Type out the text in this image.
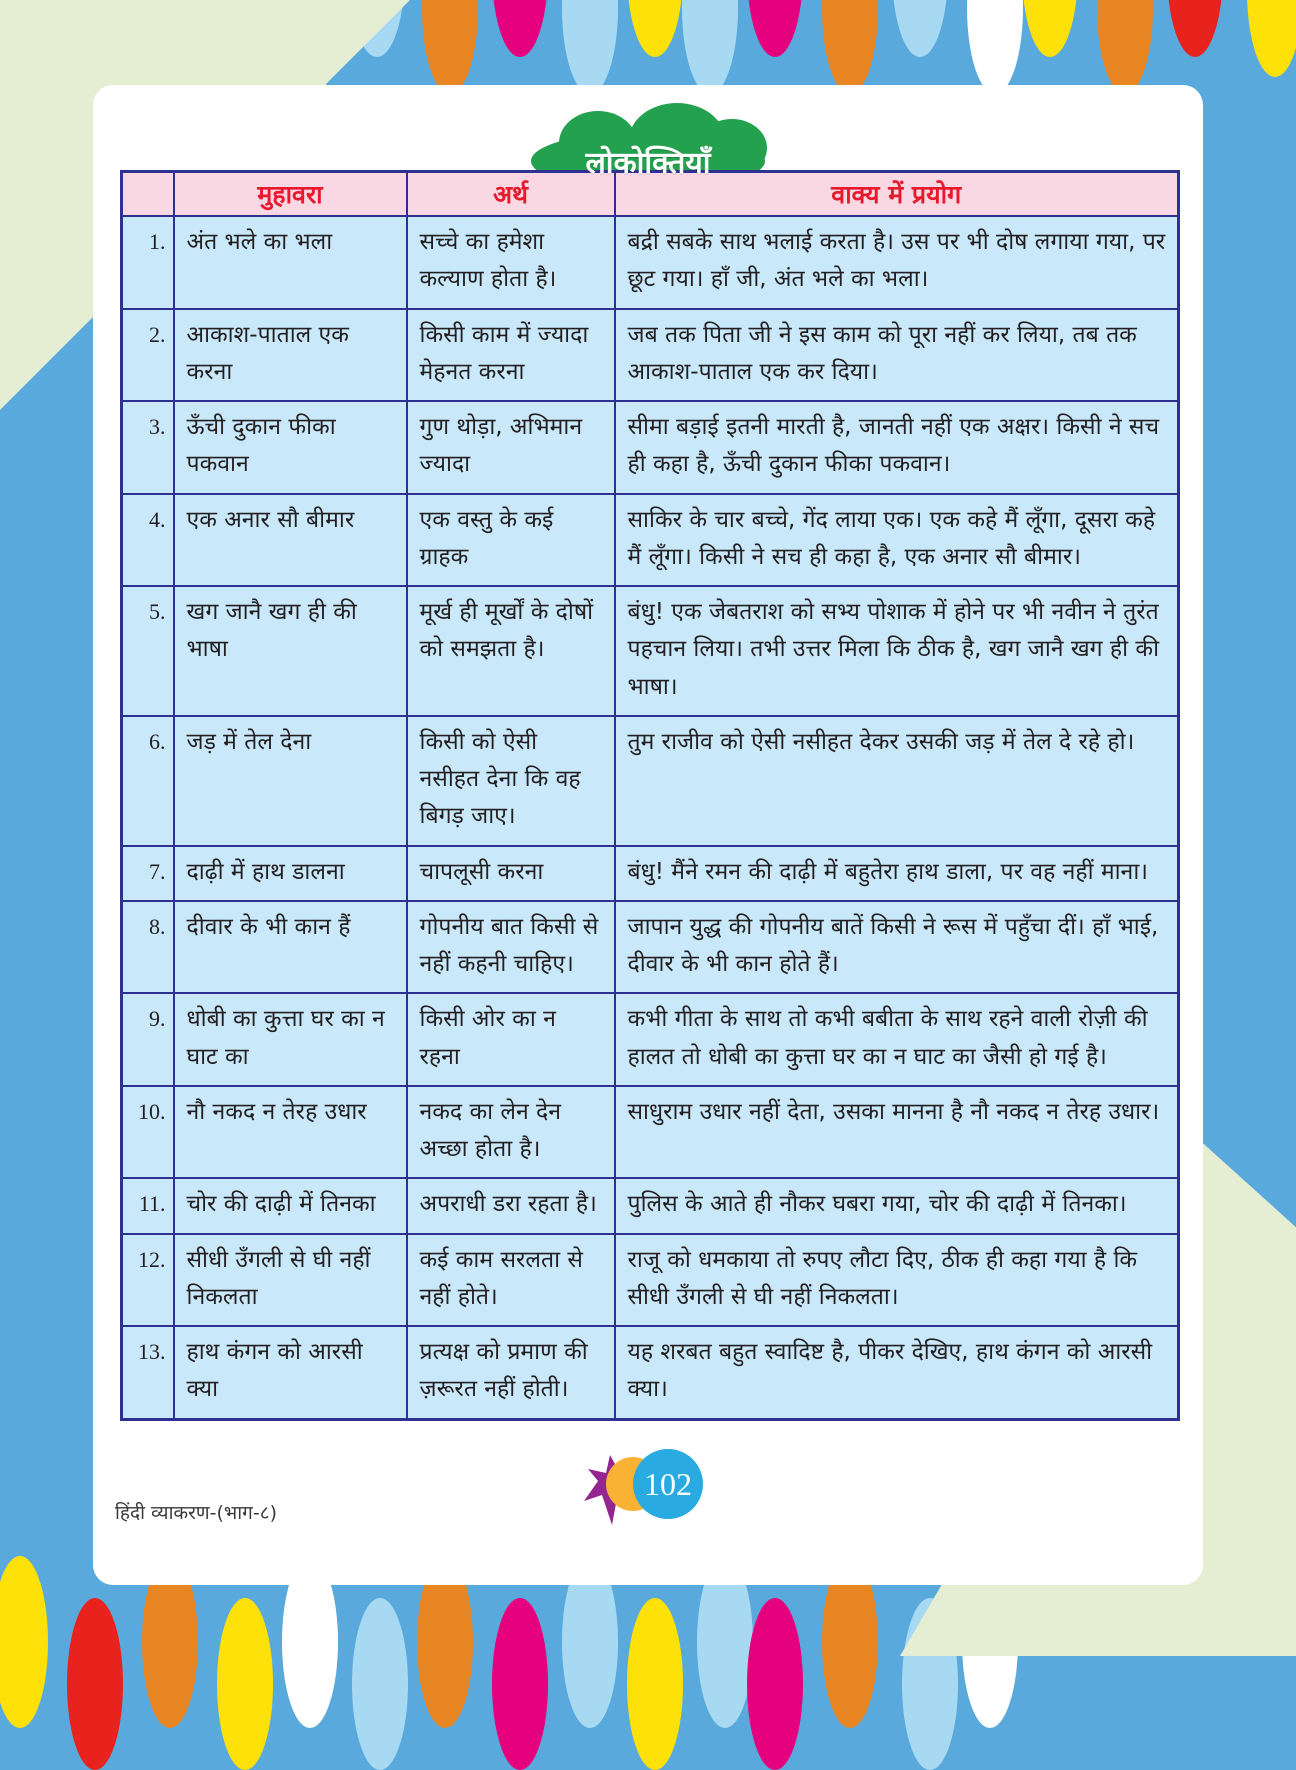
लोकोक्तियाँ
	मुहावरा	अर्थ	वाक्य में प्रयोग
1.	अंत भले का भला	सच्चे का हमेशा कल्याण होता है।	बद्री सबके साथ भलाई करता है। उस पर भी दोष लगाया गया, पर छूट गया। हाँ जी, अंत भले का भला।
2.	आकाश-पाताल एक करना	किसी काम में ज्यादा मेहनत करना	जब तक पिता जी ने इस काम को पूरा नहीं कर लिया, तब तक आकाश-पाताल एक कर दिया।
3.	ऊँची दुकान फीका पकवान	गुण थोड़ा, अभिमान ज्यादा	सीमा बड़ाई इतनी मारती है, जानती नहीं एक अक्षर। किसी ने सच ही कहा है, ऊँची दुकान फीका पकवान।
4.	एक अनार सौ बीमार	एक वस्तु के कई ग्राहक	साकिर के चार बच्चे, गेंद लाया एक। एक कहे मैं लूँगा, दूसरा कहे मैं लूँगा। किसी ने सच ही कहा है, एक अनार सौ बीमार।
5.	खग जानै खग ही की भाषा	मूर्ख ही मूर्खों के दोषों को समझता है।	बंधु! एक जेबतराश को सभ्य पोशाक में होने पर भी नवीन ने तुरंत पहचान लिया। तभी उत्तर मिला कि ठीक है, खग जानै खग ही की भाषा।
6.	जड़ में तेल देना	किसी को ऐसी नसीहत देना कि वह बिगड़ जाए।	तुम राजीव को ऐसी नसीहत देकर उसकी जड़ में तेल दे रहे हो।
7.	दाढ़ी में हाथ डालना	चापलूसी करना	बंधु! मैंने रमन की दाढ़ी में बहुतेरा हाथ डाला, पर वह नहीं माना।
8.	दीवार के भी कान हैं	गोपनीय बात किसी से नहीं कहनी चाहिए।	जापान युद्ध की गोपनीय बातें किसी ने रूस में पहुँचा दीं। हाँ भाई, दीवार के भी कान होते हैं।
9.	धोबी का कुत्ता घर का न घाट का	किसी ओर का न रहना	कभी गीता के साथ तो कभी बबीता के साथ रहने वाली रोज़ी की हालत तो धोबी का कुत्ता घर का न घाट का जैसी हो गई है।
10.	नौ नकद न तेरह उधार	नकद का लेन देन अच्छा होता है।	साधुराम उधार नहीं देता, उसका मानना है नौ नकद न तेरह उधार।
11.	चोर की दाढ़ी में तिनका	अपराधी डरा रहता है।	पुलिस के आते ही नौकर घबरा गया, चोर की दाढ़ी में तिनका।
12.	सीधी उँगली से घी नहीं निकलता	कई काम सरलता से नहीं होते।	राजू को धमकाया तो रुपए लौटा दिए, ठीक ही कहा गया है कि सीधी उँगली से घी नहीं निकलता।
13.	हाथ कंगन को आरसी क्या	प्रत्यक्ष को प्रमाण की ज़रूरत नहीं होती।	यह शरबत बहुत स्वादिष्ट है, पीकर देखिए, हाथ कंगन को आरसी क्या।
हिंदी व्याकरण-(भाग-८)
102
